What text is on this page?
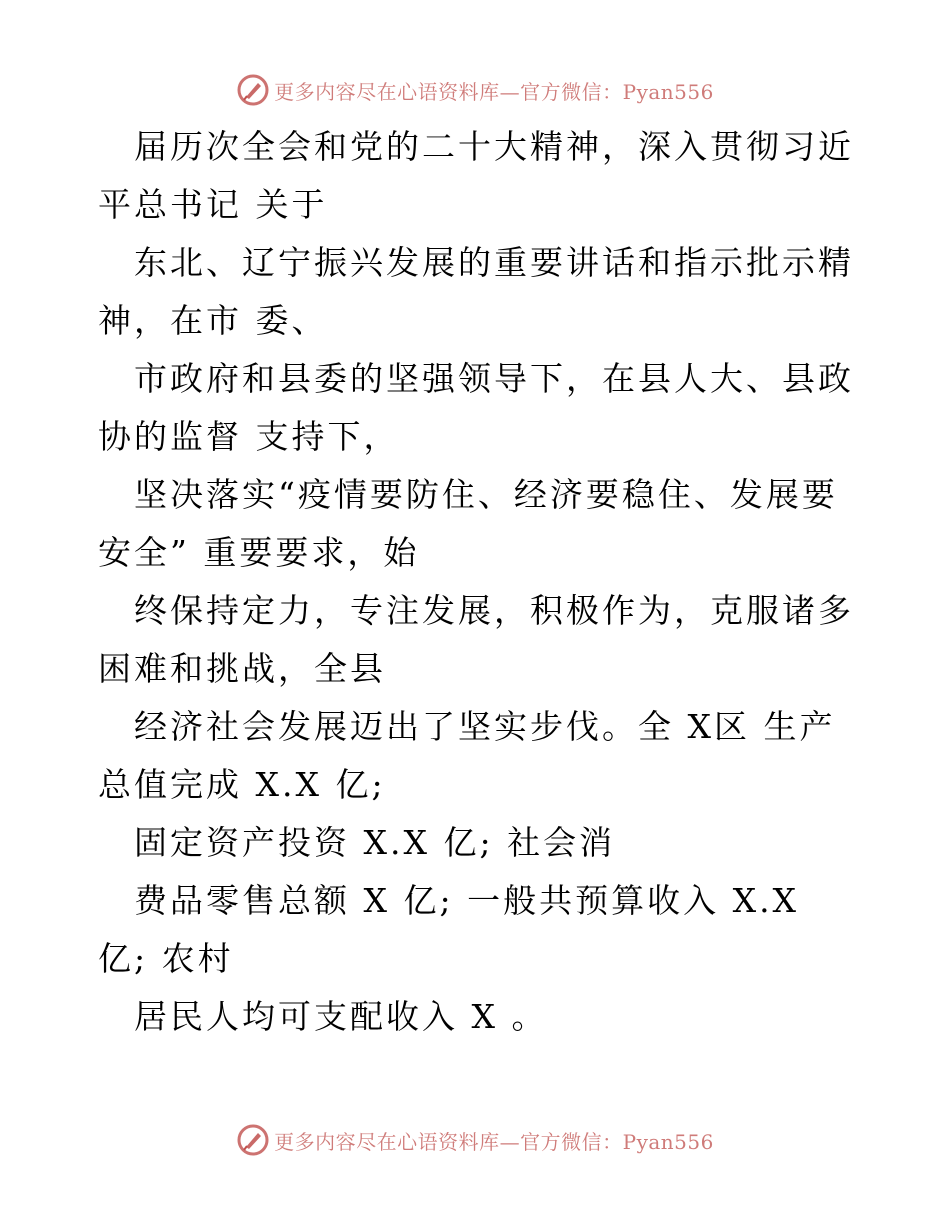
更多内容尽在心语资料库—官方微信：Pyan556

届历次全会和党的二十大精神，深入贯彻习近平总书记 关于

东北、辽宁振兴发展的重要讲话和指示批示精神，在市 委、

市政府和县委的坚强领导下，在县人大、县政协的监督 支持下，

坚决落实“疫情要防住、经济要稳住、发展要安全” 重要要求，始

终保持定力，专注发展，积极作为，克服诸多困难和挑战，全县

经济社会发展迈出了坚实步伐。全 X区 生产总值完成 X.X 亿;

固定资产投资 X.X 亿; 社会消

费品零售总额 X 亿; 一般共预算收入 X.X 亿; 农村

居民人均可支配收入 X 。

更多内容尽在心语资料库—官方微信：Pyan556
